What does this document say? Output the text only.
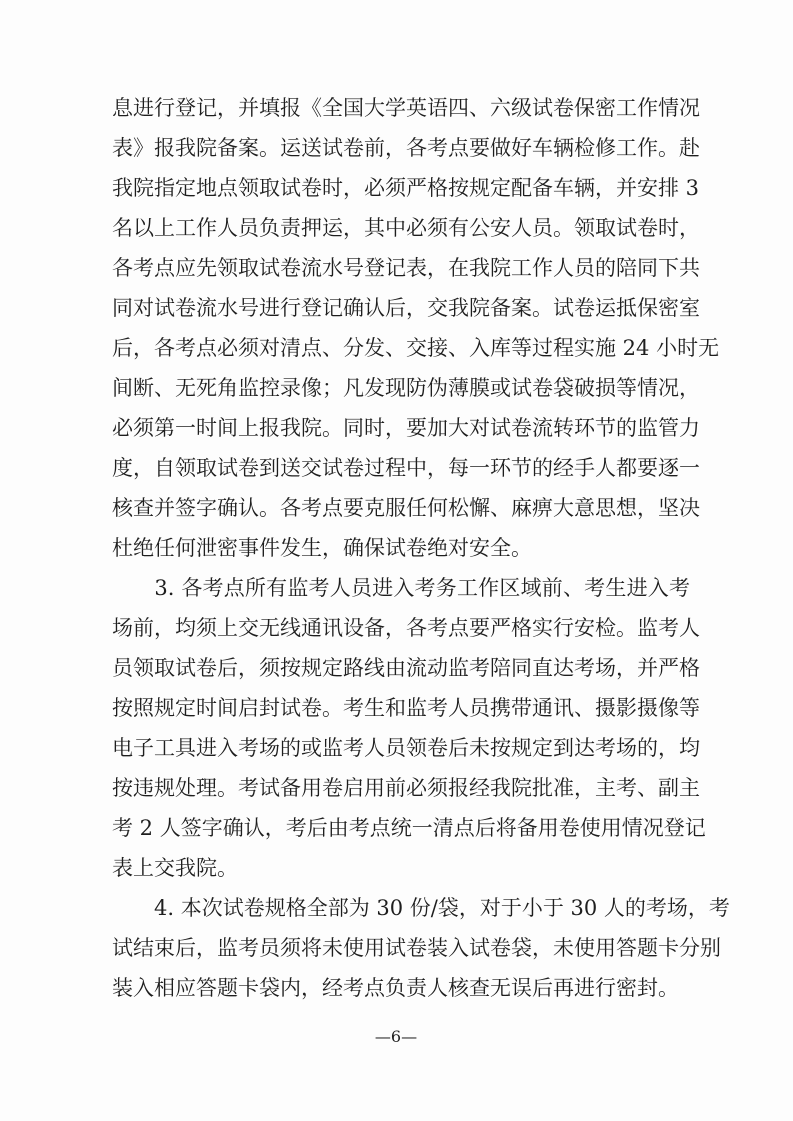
息进行登记，并填报《全国大学英语四、六级试卷保密工作情况
表》报我院备案。运送试卷前，各考点要做好车辆检修工作。赴
我院指定地点领取试卷时，必须严格按规定配备车辆，并安排 3
名以上工作人员负责押运，其中必须有公安人员。领取试卷时，
各考点应先领取试卷流水号登记表，在我院工作人员的陪同下共
同对试卷流水号进行登记确认后，交我院备案。试卷运抵保密室
后，各考点必须对清点、分发、交接、入库等过程实施 24 小时无
间断、无死角监控录像；凡发现防伪薄膜或试卷袋破损等情况，
必须第一时间上报我院。同时，要加大对试卷流转环节的监管力
度，自领取试卷到送交试卷过程中，每一环节的经手人都要逐一
核查并签字确认。各考点要克服任何松懈、麻痹大意思想，坚决
杜绝任何泄密事件发生，确保试卷绝对安全。
　　3. 各考点所有监考人员进入考务工作区域前、考生进入考
场前，均须上交无线通讯设备，各考点要严格实行安检。监考人
员领取试卷后，须按规定路线由流动监考陪同直达考场，并严格
按照规定时间启封试卷。考生和监考人员携带通讯、摄影摄像等
电子工具进入考场的或监考人员领卷后未按规定到达考场的，均
按违规处理。考试备用卷启用前必须报经我院批准，主考、副主
考 2 人签字确认，考后由考点统一清点后将备用卷使用情况登记
表上交我院。
　　4. 本次试卷规格全部为 30 份/袋，对于小于 30 人的考场，考
试结束后，监考员须将未使用试卷装入试卷袋，未使用答题卡分别
装入相应答题卡袋内，经考点负责人核查无误后再进行密封。
—6—
